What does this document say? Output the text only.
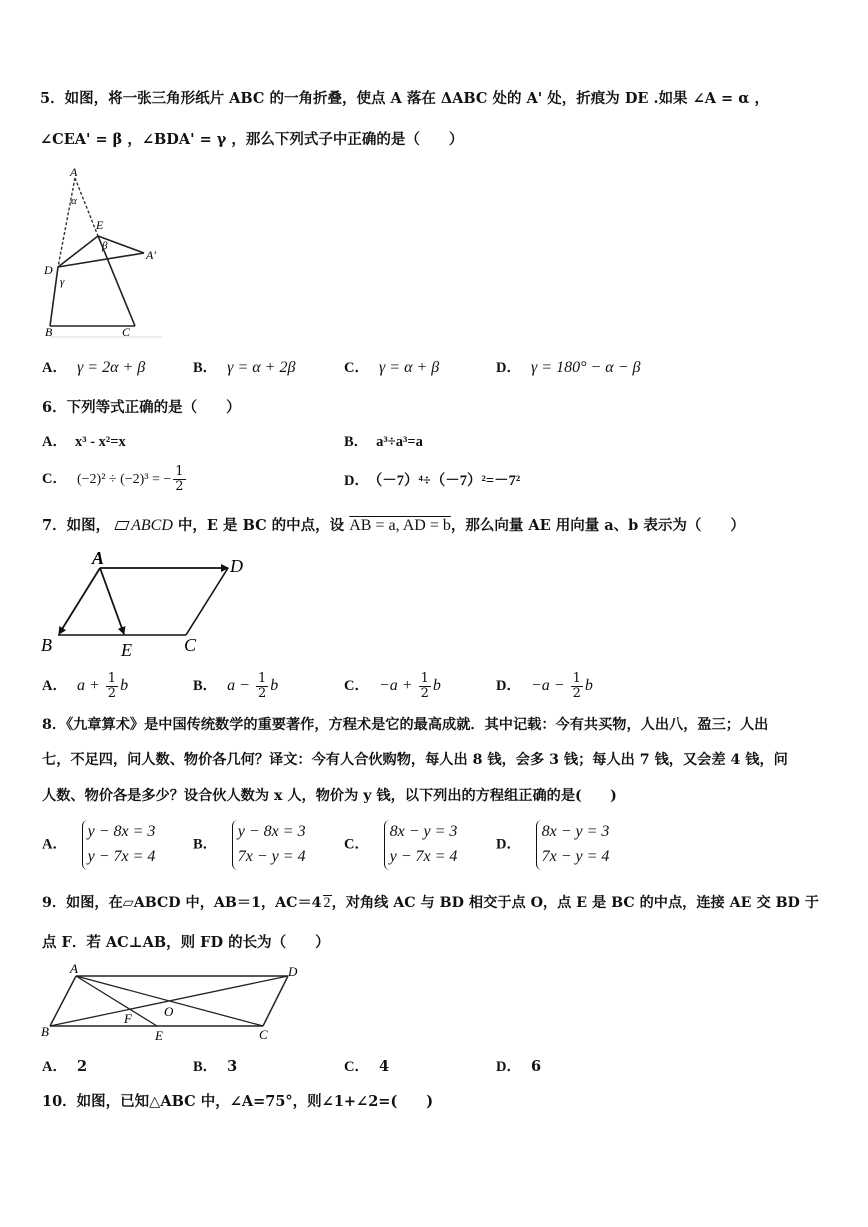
5．如图，将一张三角形纸片 ABC 的一角折叠，使点 A 落在 ΔABC 处的 A' 处，折痕为 DE .如果 ∠A = α ，
∠CEA' = β ，∠BDA' = γ ，那么下列式子中正确的是（　　）
A
α
E
β
A'
D
γ
B	C
A． γ = 2α + β	B． γ = α + 2β	C． γ = α + β	D． γ = 180° − α − β
6．下列等式正确的是（　　）
A． x³ - x²=x	B． a³÷a³=a
C． (−2)² ÷ (−2)³ = − $\frac{1}{2}$	D． （－7）⁴÷（－7）²=－7²
7．如图， ABCD 中，E 是 BC 的中点，设 AB = a, AD = b，那么向量 AE 用向量 a、b 表示为（　　）
A	D
B	E	C
A． $a + \frac{1}{2}$ b	B． $a - \frac{1}{2}$ b	C． $-a + \frac{1}{2}$ b	D． $-a - \frac{1}{2}$ b
8．《九章算术》是中国传统数学的重要著作，方程术是它的最高成就．其中记载：今有共买物，人出八，盈三；人出
七，不足四，问人数、物价各几何？译文：今有人合伙购物，每人出 8 钱，会多 3 钱；每人出 7 钱，又会差 4 钱，问
人数、物价各是多少？设合伙人数为 x 人，物价为 y 钱，以下列出的方程组正确的是(　　)
A．
y − 8x = 3
y − 7x = 4
B．
y − 8x = 3
7x − y = 4
C．
8x − y = 3
y − 7x = 4
D．
8x − y = 3
7x − y = 4
9．如图，在▱ABCD 中，AB＝1，AC＝4 2，对角线 AC 与 BD 相交于点 O，点 E 是 BC 的中点，连接 AE 交 BD 于
点 F．若 AC⊥AB，则 FD 的长为（　　）
A	D
B
F O
E	C
A． 2	B． 3	C． 4	D． 6
10．如图，已知△ABC 中，∠A=75°，则∠1+∠2=(　　)
